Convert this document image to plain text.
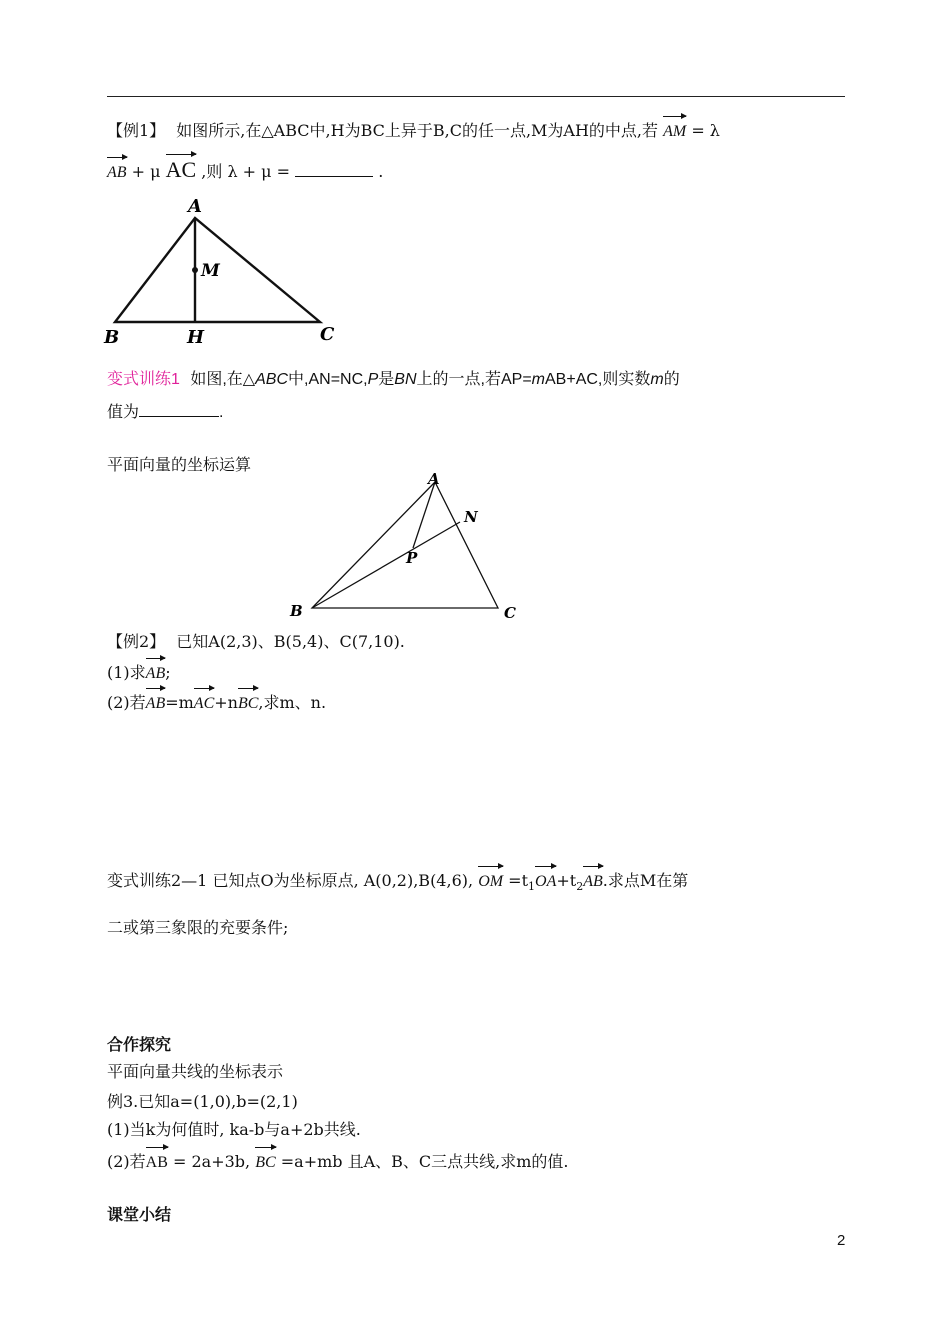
【例1】 如图所示,在△ABC中,H为BC上异于B,C的任一点,M为AH的中点,若 AM = λ
AB + μ AC ,则 λ + μ =	.
A
M
B	H	C
变式训练1 如图,在△ABC中,AN=NC,P是BN上的一点,若AP=mAB+AC,则实数m的
值为	.
平面向量的坐标运算
A
N
P
B	C
【例2】 已知A(2,3)、B(5,4)、C(7,10).
(1)求
AB;
(2)若
AB=m
AC+n
BC,求m、n.
变式训练2—1 已知点O为坐标原点, A(0,2),B(4,6), OM $=t_1$
$OA+t_2$
AB.求点M在第
二或第三象限的充要条件;
合作探究
平面向量共线的坐标表示
例3.已知a=(1,0),b=(2,1)
(1)当k为何值时, ka-b与a+2b共线.
(2)若
AB = 2a+3b, BC =a+mb 且A、B、C三点共线,求m的值.
课堂小结
2
